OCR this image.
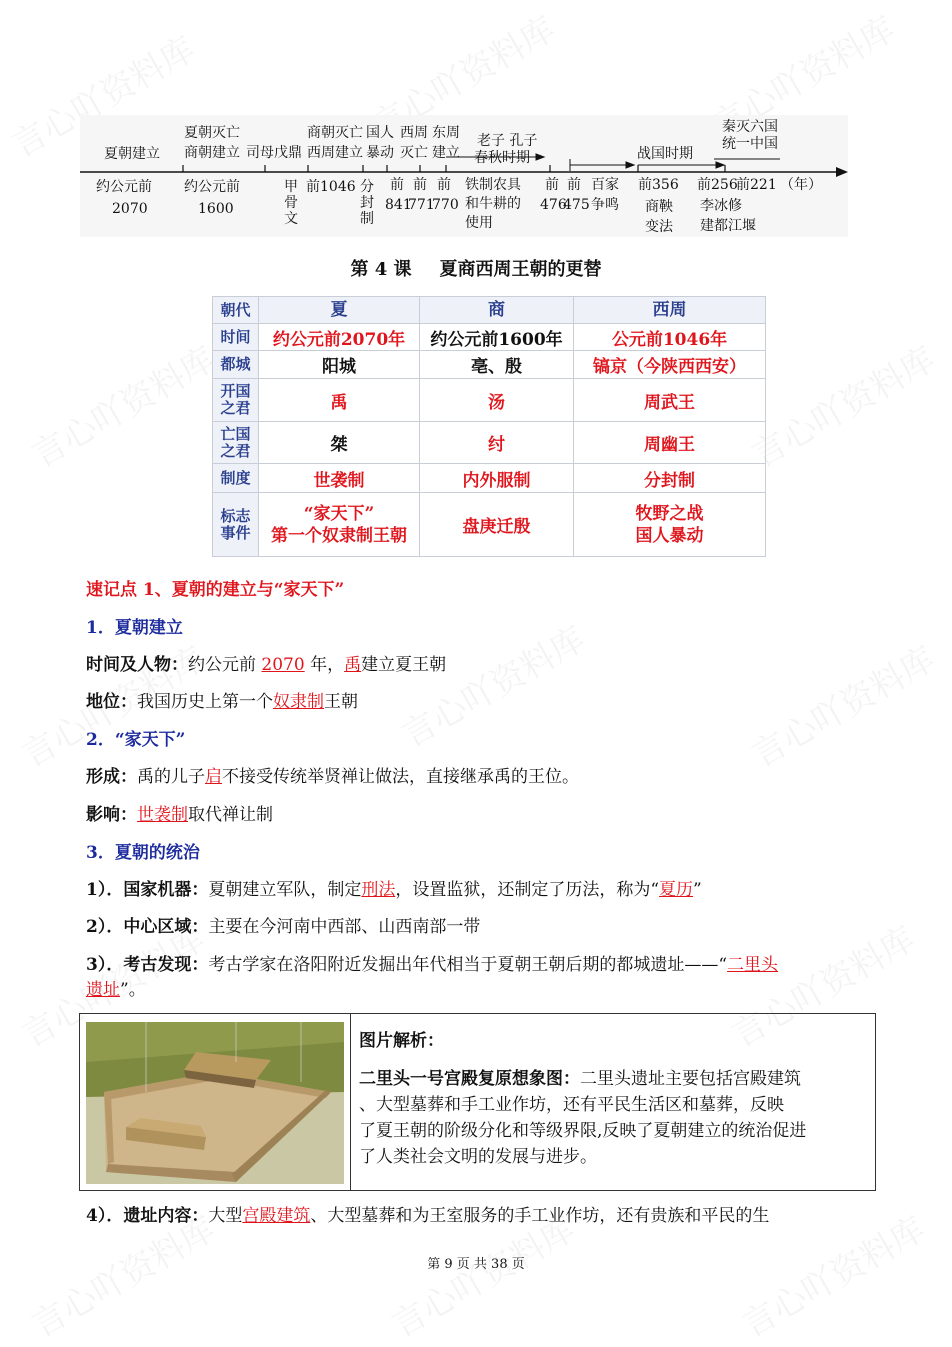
夏朝建立
夏朝灭亡
商朝建立 司母戊鼎
商朝灭亡
西周建立
国人
暴动
西周
灭亡
东周
建立
老子 孔子
春秋时期	战国时期
秦灭六国
统一中国
约公元前
2070
约公元前
1600
甲骨文
前1046 分封制
前
841
前
771
前
770
铁制农具
和牛耕的
使用
前
476
前
475
百家
争鸣
前356
商鞅
变法
前256
前221 （年）
李冰修
建都江堰
第 4 课 夏商西周王朝的更替
朝代	夏	商	西周
时间	约公元前2070年	约公元前1600年	公元前1046年
都城	阳城	亳、殷	镐京（今陕西西安）
开国
之君	禹	汤	周武王
亡国
之君	桀	纣	周幽王
制度	世袭制	内外服制	分封制
标志
事件	“家天下”
第一个奴隶制王朝	盘庚迁殷	牧野之战
国人暴动
速记点 1、夏朝的建立与“家天下”
1．夏朝建立
时间及人物：约公元前 2070 年，禹建立夏王朝
地位：我国历史上第一个奴隶制王朝
2．“家天下”
形成：禹的儿子启不接受传统举贤禅让做法，直接继承禹的王位。
影响：世袭制取代禅让制
3．夏朝的统治
1）．国家机器：夏朝建立军队，制定刑法，设置监狱，还制定了历法，称为“夏历”
2）．中心区域：主要在今河南中西部、山西南部一带
3）．考古发现：考古学家在洛阳附近发掘出年代相当于夏朝王朝后期的都城遗址——“二里头
遗址”。
图片解析：
二里头一号宫殿复原想象图：二里头遗址主要包括宫殿建筑
、大型墓葬和手工业作坊，还有平民生活区和墓葬，反映
了夏王朝的阶级分化和等级界限,反映了夏朝建立的统治促进
了人类社会文明的发展与进步。
4）．遗址内容：大型宫殿建筑、大型墓葬和为王室服务的手工业作坊，还有贵族和平民的生
第 9 页 共 38 页
